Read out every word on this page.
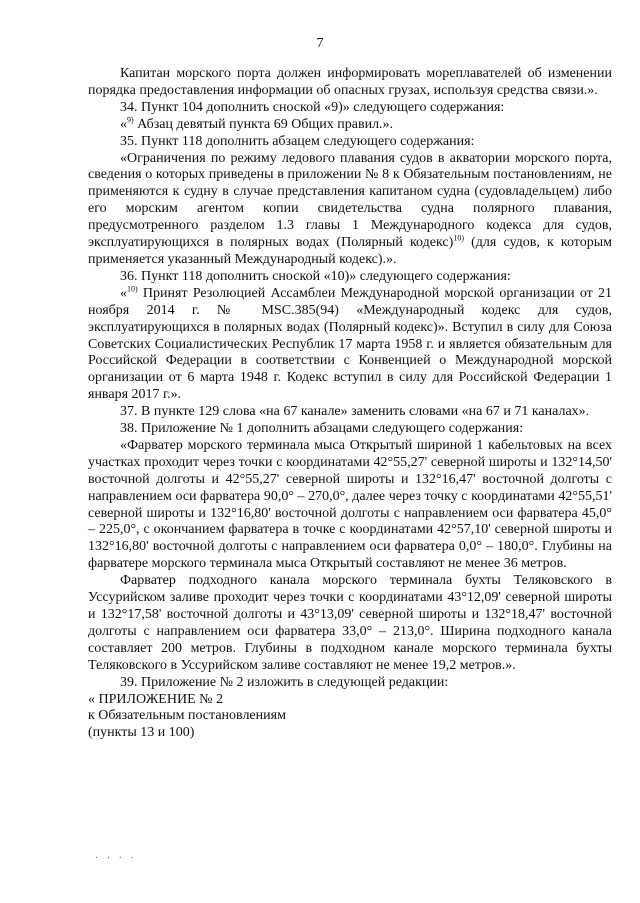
7

Капитан морского порта должен информировать мореплавателей об изменении порядка предоставления информации об опасных грузах, используя средства связи.».

34. Пункт 104 дополнить сноской «9)» следующего содержания:

«$^{9)}$ Абзац девятый пункта 69 Общих правил.».

35. Пункт 118 дополнить абзацем следующего содержания:

«Ограничения по режиму ледового плавания судов в акватории морского порта, сведения о которых приведены в приложении № 8 к Обязательным постановлениям, не применяются к судну в случае представления капитаном судна (судовладельцем) либо его морским агентом копии свидетельства судна полярного плавания, предусмотренного разделом 1.3 главы 1 Международного кодекса для судов, эксплуатирующихся в полярных водах (Полярный кодекс)$^{10)}$ (для судов, к которым применяется указанный Международный кодекс).».

36. Пункт 118 дополнить сноской «10)» следующего содержания:

«$^{10)}$ Принят Резолюцией Ассамблеи Международной морской организации от 21 ноября 2014 г. № MSC.385(94) «Международный кодекс для судов, эксплуатирующихся в полярных водах (Полярный кодекс)». Вступил в силу для Союза Советских Социалистических Республик 17 марта 1958 г. и является обязательным для Российской Федерации в соответствии с Конвенцией о Международной морской организации от 6 марта 1948 г. Кодекс вступил в силу для Российской Федерации 1 января 2017 г.».

37. В пункте 129 слова «на 67 канале» заменить словами «на 67 и 71 каналах».

38. Приложение № 1 дополнить абзацами следующего содержания:

«Фарватер морского терминала мыса Открытый шириной 1 кабельтовых на всех участках проходит через точки с координатами 42°55,27' северной широты и 132°14,50' восточной долготы и 42°55,27' северной широты и 132°16,47' восточной долготы с направлением оси фарватера 90,0° – 270,0°, далее через точку с координатами 42°55,51' северной широты и 132°16,80' восточной долготы с направлением оси фарватера 45,0° – 225,0°, с окончанием фарватера в точке с координатами 42°57,10' северной широты и 132°16,80' восточной долготы с направлением оси фарватера 0,0° – 180,0°. Глубины на фарватере морского терминала мыса Открытый составляют не менее 36 метров.

Фарватер подходного канала морского терминала бухты Теляковского в Уссурийском заливе проходит через точки с координатами 43°12,09' северной широты и 132°17,58' восточной долготы и 43°13,09' северной широты и 132°18,47' восточной долготы с направлением оси фарватера 33,0° – 213,0°. Ширина подходного канала составляет 200 метров. Глубины в подходном канале морского терминала бухты Теляковского в Уссурийском заливе составляют не менее 19,2 метров.».

39. Приложение № 2 изложить в следующей редакции:

« ПРИЛОЖЕНИЕ № 2

к Обязательным постановлениям

(пункты 13 и 100)

· · · ·
